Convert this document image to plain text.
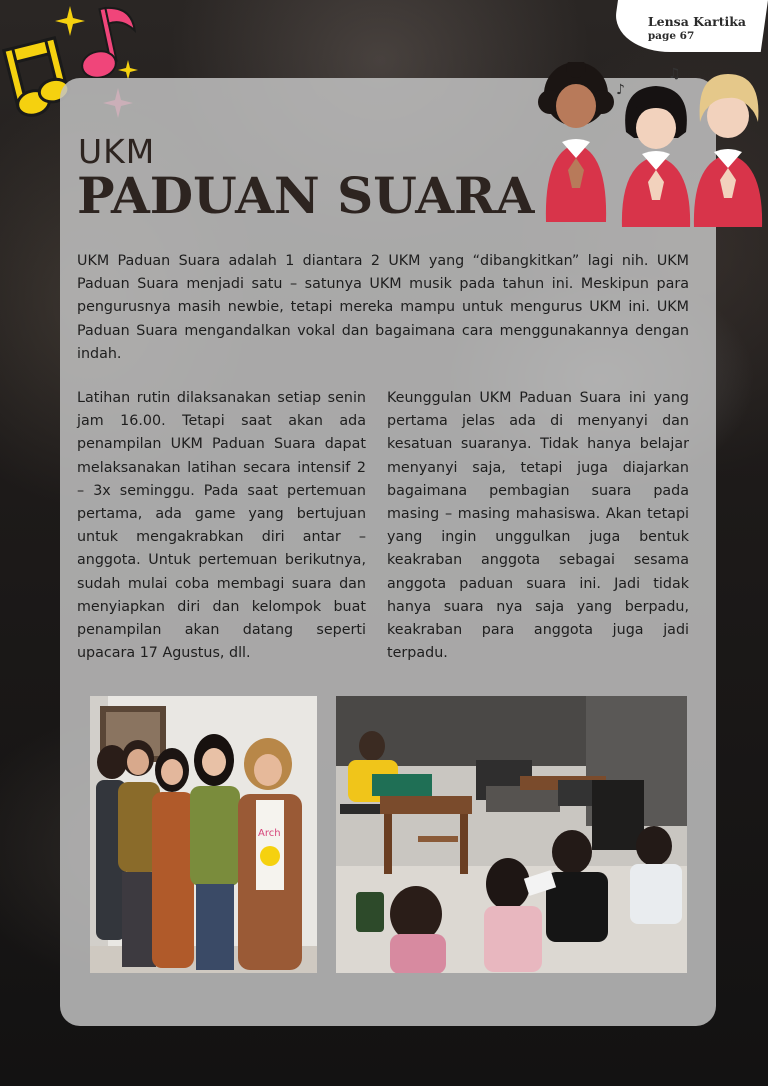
Lensa Kartika
page 67
♪
♫
UKM
PADUAN SUARA

UKM Paduan Suara adalah 1 diantara 2 UKM yang “dibangkitkan” lagi nih. UKM Paduan Suara menjadi satu – satunya UKM musik pada tahun ini. Meskipun para pengurusnya masih newbie, tetapi mereka mampu untuk mengurus UKM ini. UKM Paduan Suara mengandalkan vokal dan bagaimana cara menggunakannya dengan indah.

Latihan rutin dilaksanakan setiap senin jam 16.00. Tetapi saat akan ada penampilan UKM Paduan Suara dapat melaksanakan latihan secara intensif 2 – 3x seminggu. Pada saat pertemuan pertama, ada game yang bertujuan untuk mengakrabkan diri antar – anggota. Untuk pertemuan berikutnya, sudah mulai coba membagi suara dan menyiapkan diri dan kelompok buat penampilan akan datang seperti upacara 17 Agustus, dll.

Keunggulan UKM Paduan Suara ini yang pertama jelas ada di menyanyi dan kesatuan suaranya. Tidak hanya belajar menyanyi saja, tetapi juga diajarkan bagaimana pembagian suara pada masing – masing mahasiswa. Akan tetapi yang ingin unggulkan juga bentuk keakraban anggota sebagai sesama anggota paduan suara ini. Jadi tidak hanya suara nya saja yang berpadu, keakraban para anggota juga jadi terpadu.

Arch
